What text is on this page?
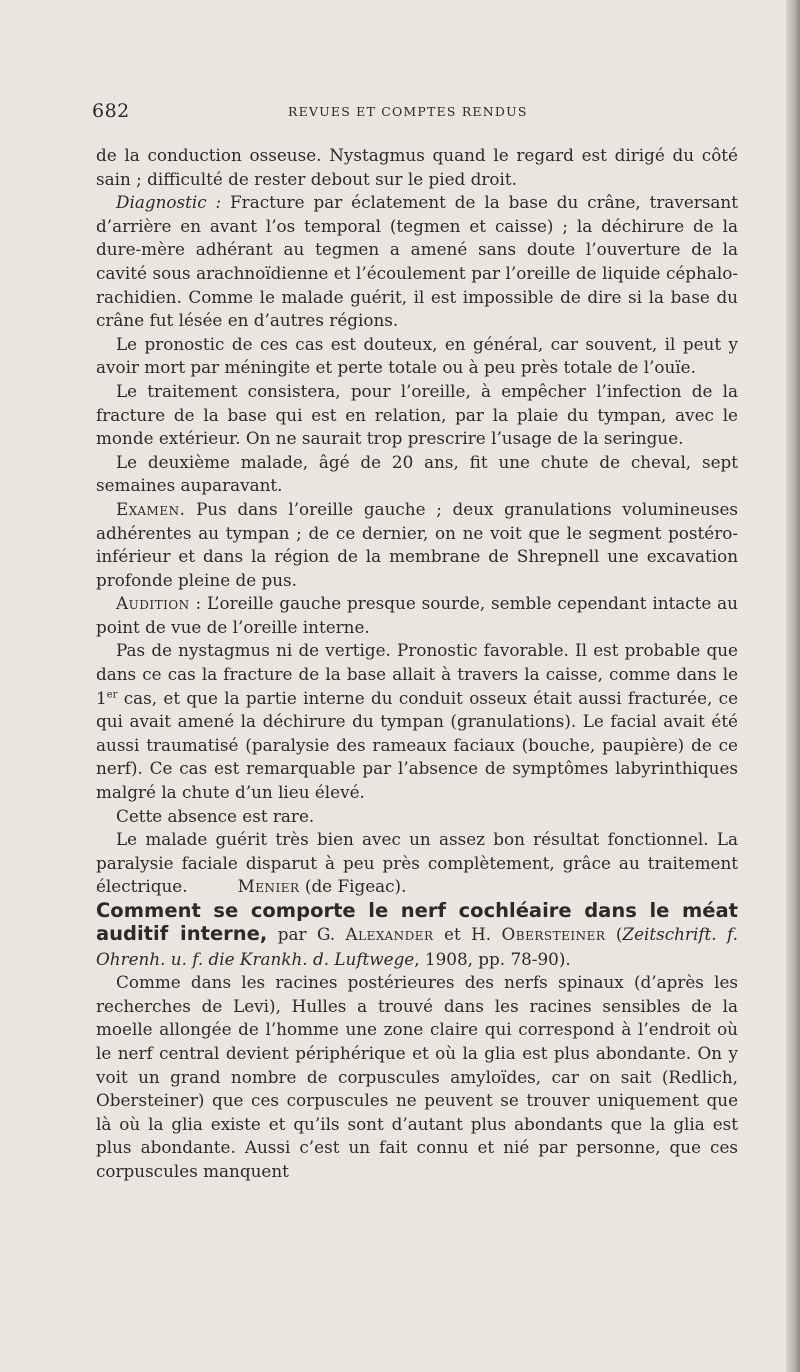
682	REVUES ET COMPTES RENDUS

de la conduction osseuse. Nystagmus quand le regard est dirigé du côté sain ; difficulté de rester debout sur le pied droit.

Diagnostic : Fracture par éclatement de la base du crâne, traversant d’arrière en avant l’os temporal (tegmen et caisse) ; la déchirure de la dure-mère adhérant au tegmen a amené sans doute l’ouverture de la cavité sous arachnoïdienne et l’écoulement par l’oreille de liquide céphalo-rachidien. Comme le malade guérit, il est impossible de dire si la base du crâne fut lésée en d’autres régions.

Le pronostic de ces cas est douteux, en général, car souvent, il peut y avoir mort par méningite et perte totale ou à peu près totale de l’ouïe.

Le traitement consistera, pour l’oreille, à empêcher l’infection de la fracture de la base qui est en relation, par la plaie du tympan, avec le monde extérieur. On ne saurait trop prescrire l’usage de la seringue.

Le deuxième malade, âgé de 20 ans, fit une chute de cheval, sept semaines auparavant.

Examen. Pus dans l’oreille gauche ; deux granulations volumineuses adhérentes au tympan ; de ce dernier, on ne voit que le segment postéro-inférieur et dans la région de la membrane de Shrepnell une excavation profonde pleine de pus.

Audition : L’oreille gauche presque sourde, semble cependant intacte au point de vue de l’oreille interne.

Pas de nystagmus ni de vertige. Pronostic favorable. Il est probable que dans ce cas la fracture de la base allait à travers la caisse, comme dans le 1er cas, et que la partie interne du conduit osseux était aussi fracturée, ce qui avait amené la déchirure du tympan (granulations). Le facial avait été aussi traumatisé (paralysie des rameaux faciaux (bouche, paupière) de ce nerf). Ce cas est remarquable par l’absence de symptômes labyrinthiques malgré la chute d’un lieu élevé.

Cette absence est rare.

Le malade guérit très bien avec un assez bon résultat fonctionnel. La paralysie faciale disparut à peu près complètement, grâce au traitement électrique.	Menier (de Figeac).

Comment se comporte le nerf cochléaire dans le méat auditif interne, par G. Alexander et H. Obersteiner (Zeitschrift. f. Ohrenh. u. f. die Krankh. d. Luftwege, 1908, pp. 78-90).

Comme dans les racines postérieures des nerfs spinaux (d’après les recherches de Levi), Hulles a trouvé dans les racines sensibles de la moelle allongée de l’homme une zone claire qui correspond à l’endroit où le nerf central devient périphérique et où la glia est plus abondante. On y voit un grand nombre de corpuscules amyloïdes, car on sait (Redlich, Obersteiner) que ces corpuscules ne peuvent se trouver uniquement que là où la glia existe et qu’ils sont d’autant plus abondants que la glia est plus abondante. Aussi c’est un fait connu et nié par personne, que ces corpuscules manquent
